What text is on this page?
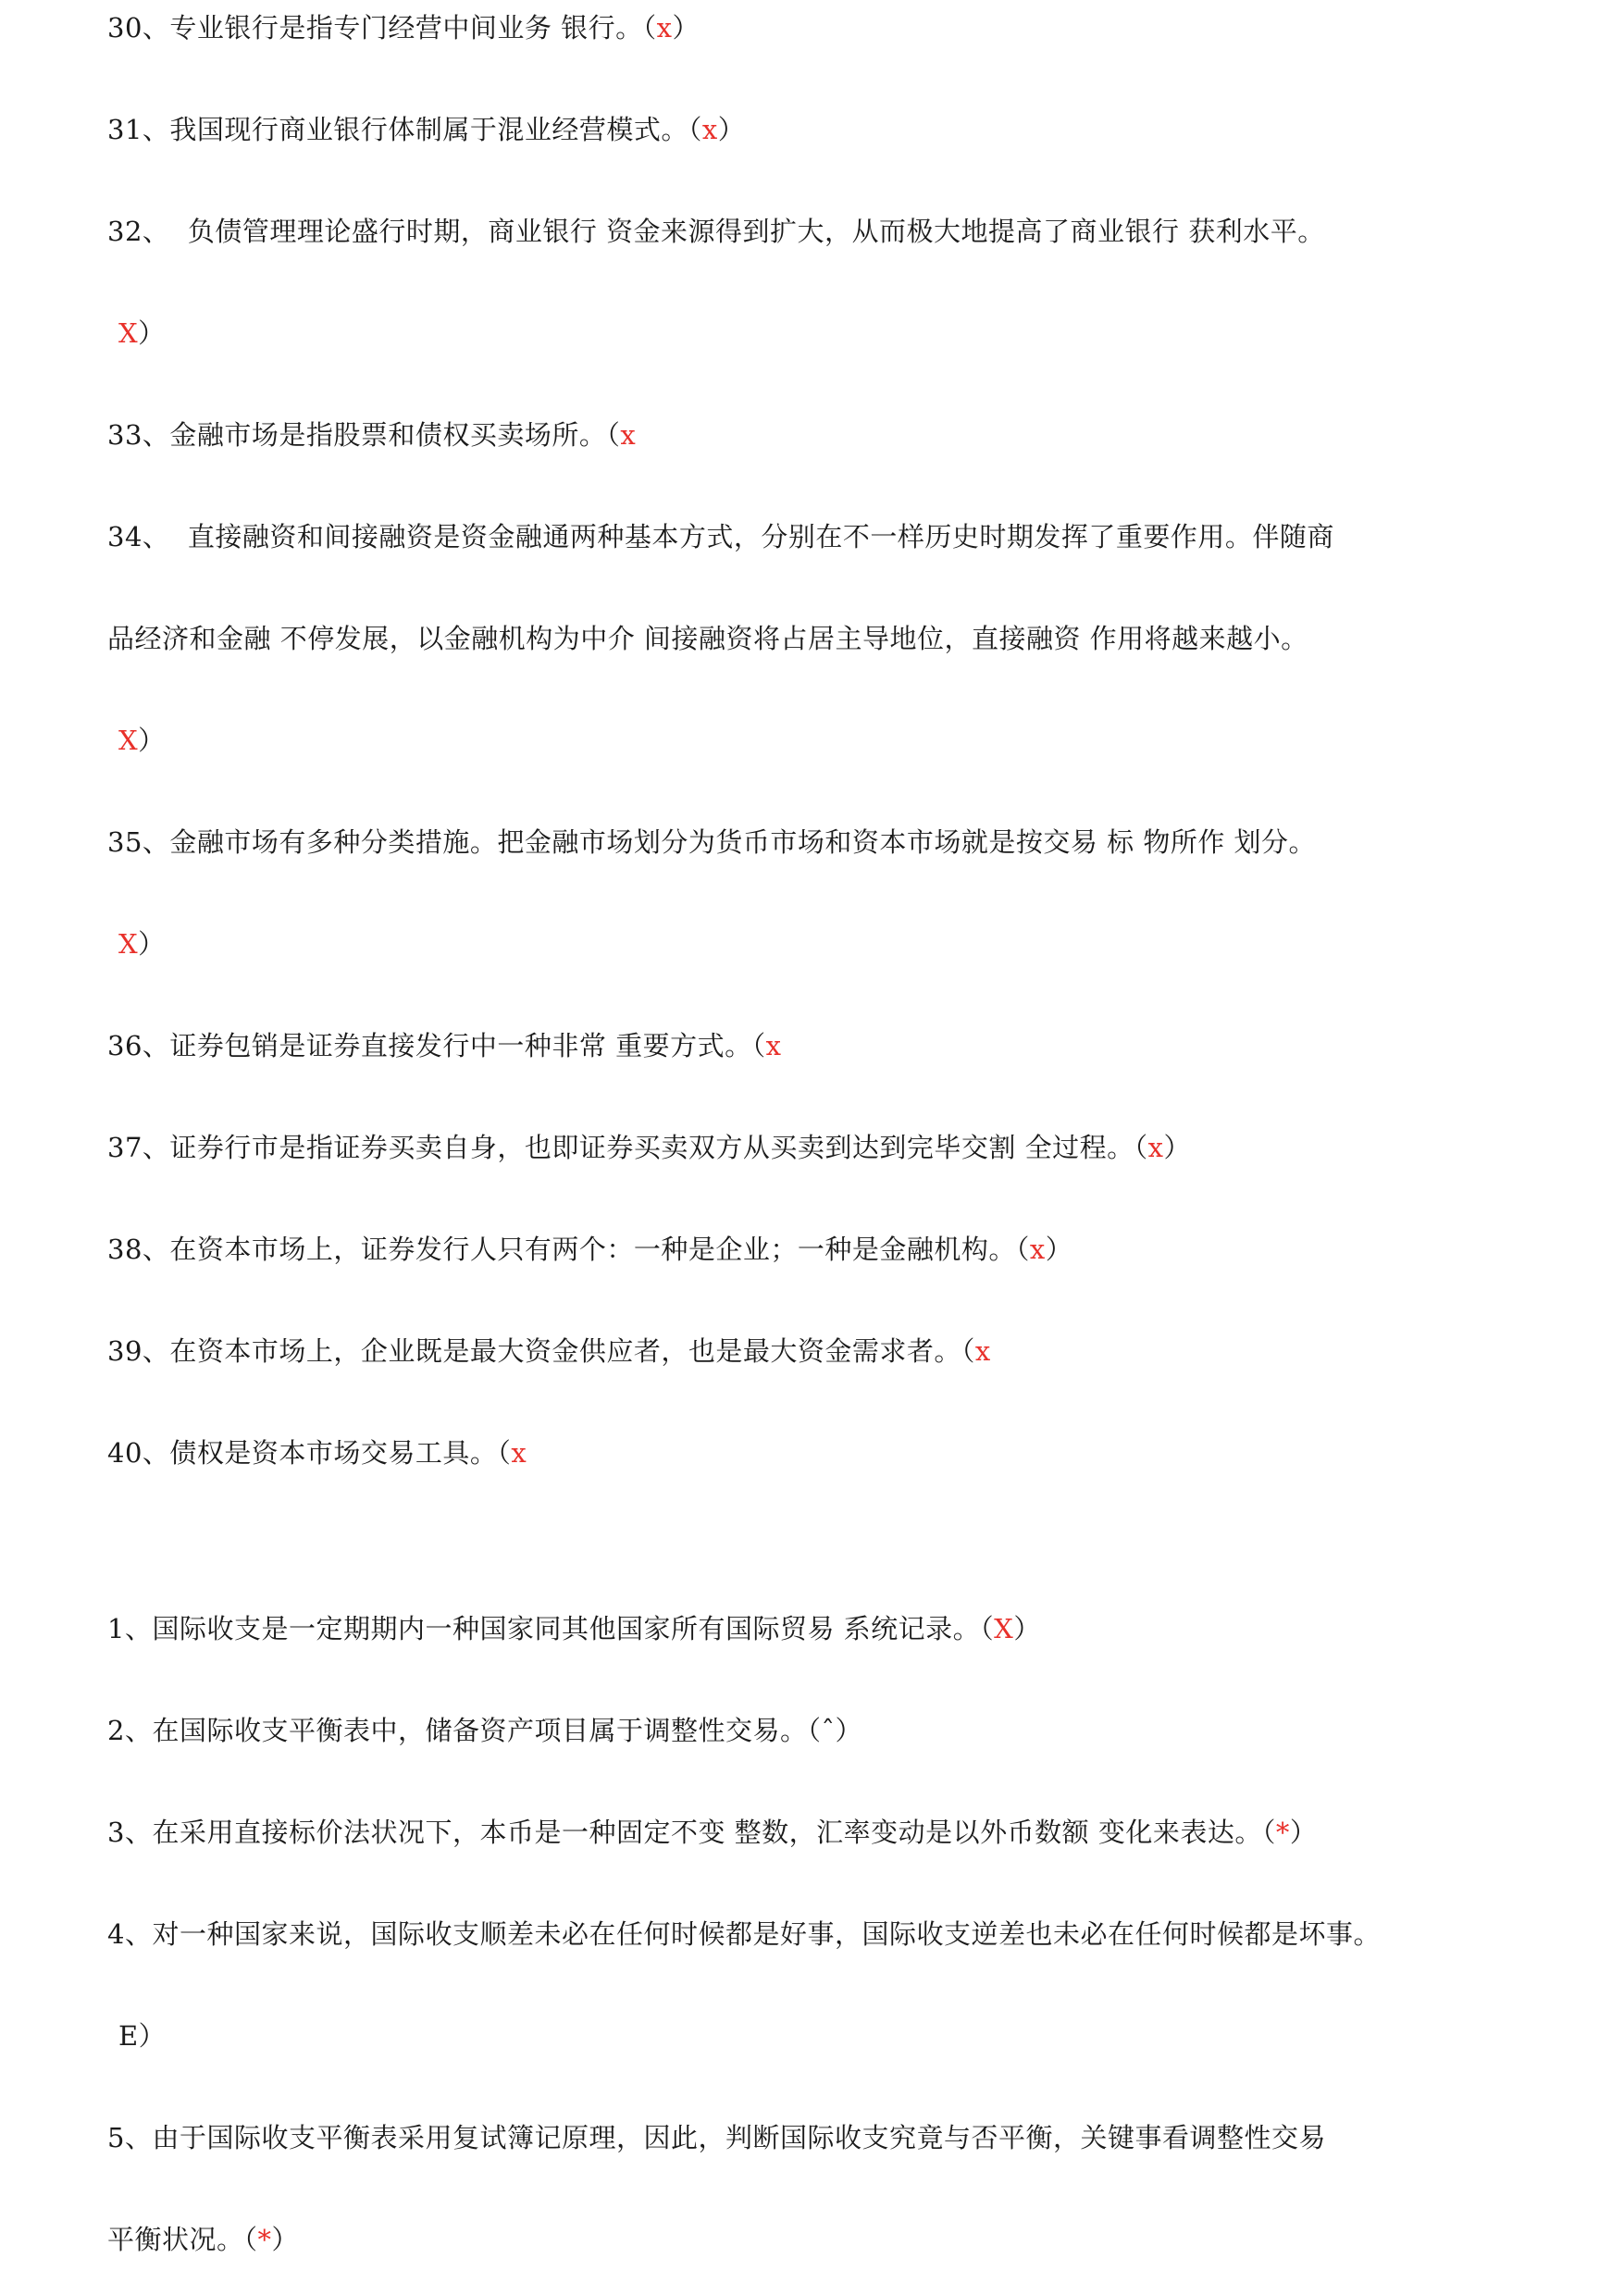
30、专业银行是指专门经营中间业务 银行。（x）
31、我国现行商业银行体制属于混业经营模式。（x）
32、  负债管理理论盛行时期，商业银行 资金来源得到扩大，从而极大地提高了商业银行 获利水平。
X）
33、金融市场是指股票和债权买卖场所。（x
34、  直接融资和间接融资是资金融通两种基本方式，分别在不一样历史时期发挥了重要作用。伴随商
品经济和金融 不停发展，以金融机构为中介 间接融资将占居主导地位，直接融资 作用将越来越小。
X）
35、金融市场有多种分类措施。把金融市场划分为货币市场和资本市场就是按交易 标 物所作 划分。
X）
36、证券包销是证券直接发行中一种非常 重要方式。（x
37、证券行市是指证券买卖自身，也即证券买卖双方从买卖到达到完毕交割 全过程。（x）
38、在资本市场上，证券发行人只有两个：一种是企业；一种是金融机构。（x）
39、在资本市场上，企业既是最大资金供应者，也是最大资金需求者。（x
40、债权是资本市场交易工具。（x
1、国际收支是一定期期内一种国家同其他国家所有国际贸易 系统记录。（X）
2、在国际收支平衡表中，储备资产项目属于调整性交易。（ˆ）
3、在采用直接标价法状况下，本币是一种固定不变 整数，汇率变动是以外币数额 变化来表达。（*）
4、对一种国家来说，国际收支顺差未必在任何时候都是好事，国际收支逆差也未必在任何时候都是坏事。
E）
5、由于国际收支平衡表采用复试簿记原理，因此，判断国际收支究竟与否平衡，关键事看调整性交易
平衡状况。（*）
